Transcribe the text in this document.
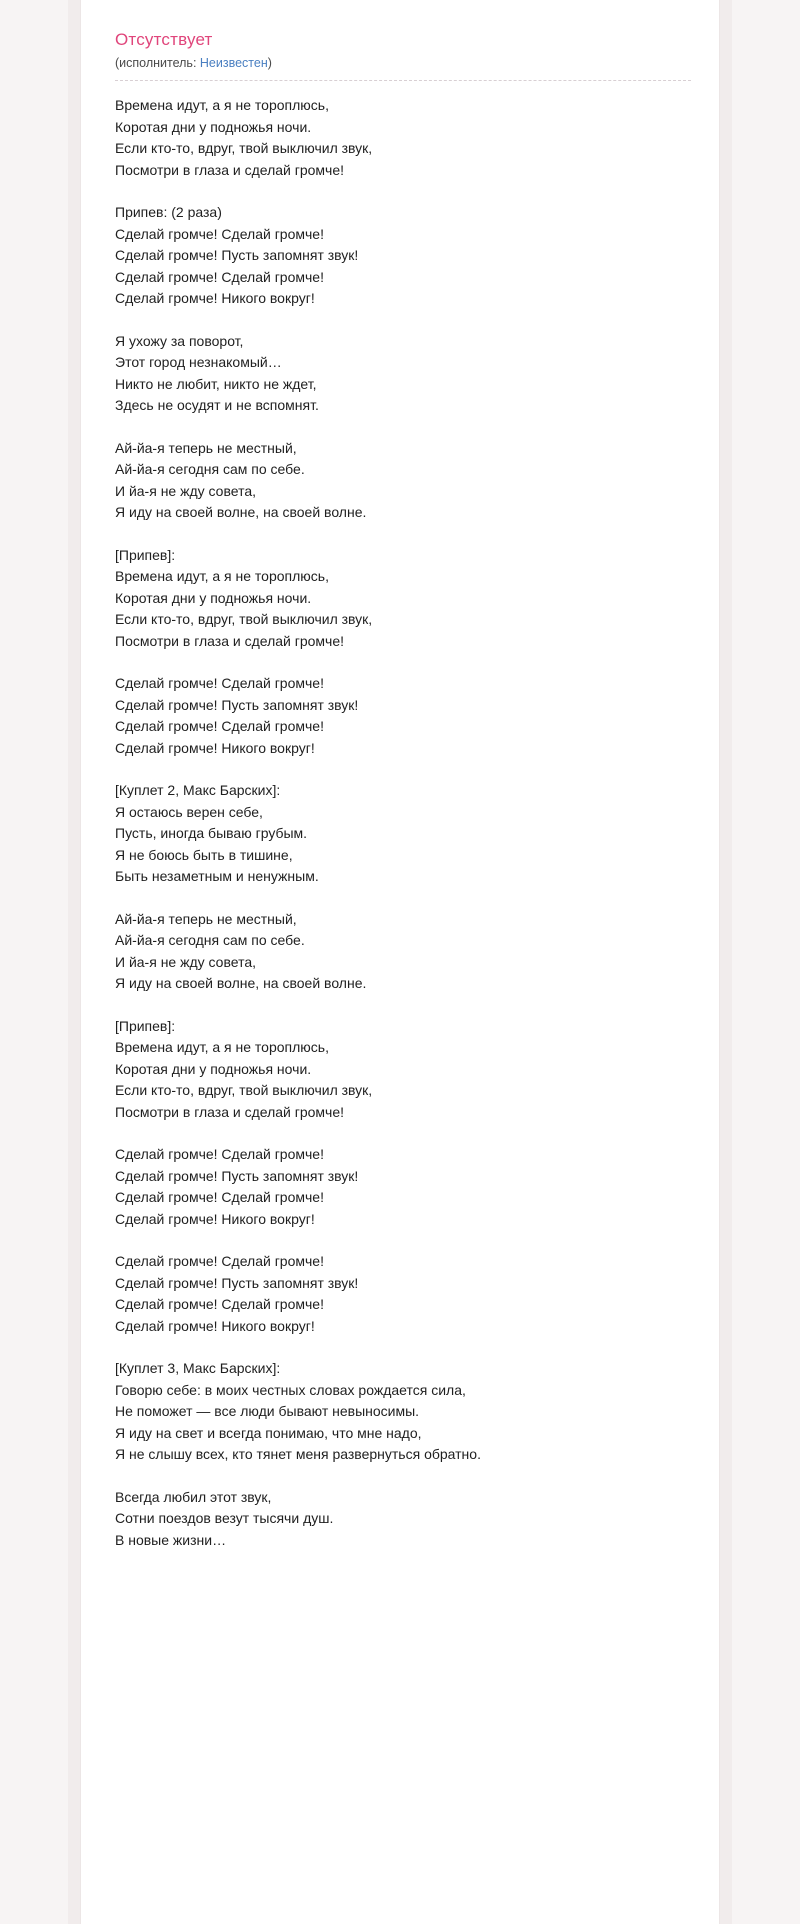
Отсутствует
(исполнитель: Неизвестен)

Времена идут, а я не тороплюсь,
Коротая дни у подножья ночи.
Если кто-то, вдруг, твой выключил звук,
Посмотри в глаза и сделай громче!

Припев: (2 раза)
Сделай громче! Сделай громче!
Сделай громче! Пусть запомнят звук!
Сделай громче! Сделай громче!
Сделай громче! Никого вокруг!

Я ухожу за поворот,
Этот город незнакомый…
Никто не любит, никто не ждет,
Здесь не осудят и не вспомнят.

Ай-йа-я теперь не местный,
Ай-йа-я сегодня сам по себе.
И йа-я не жду совета,
Я иду на своей волне, на своей волне.

[Припев]:
Времена идут, а я не тороплюсь,
Коротая дни у подножья ночи.
Если кто-то, вдруг, твой выключил звук,
Посмотри в глаза и сделай громче!

Сделай громче! Сделай громче!
Сделай громче! Пусть запомнят звук!
Сделай громче! Сделай громче!
Сделай громче! Никого вокруг!

[Куплет 2, Макс Барских]:
Я остаюсь верен себе,
Пусть, иногда бываю грубым.
Я не боюсь быть в тишине,
Быть незаметным и ненужным.

Ай-йа-я теперь не местный,
Ай-йа-я сегодня сам по себе.
И йа-я не жду совета,
Я иду на своей волне, на своей волне.

[Припев]:
Времена идут, а я не тороплюсь,
Коротая дни у подножья ночи.
Если кто-то, вдруг, твой выключил звук,
Посмотри в глаза и сделай громче!

Сделай громче! Сделай громче!
Сделай громче! Пусть запомнят звук!
Сделай громче! Сделай громче!
Сделай громче! Никого вокруг!

Сделай громче! Сделай громче!
Сделай громче! Пусть запомнят звук!
Сделай громче! Сделай громче!
Сделай громче! Никого вокруг!

[Куплет 3, Макс Барских]:
Говорю себе: в моих честных словах рождается сила,
Не поможет — все люди бывают невыносимы.
Я иду на свет и всегда понимаю, что мне надо,
Я не слышу всех, кто тянет меня развернуться обратно.

Всегда любил этот звук,
Сотни поездов везут тысячи душ.
В новые жизни…
